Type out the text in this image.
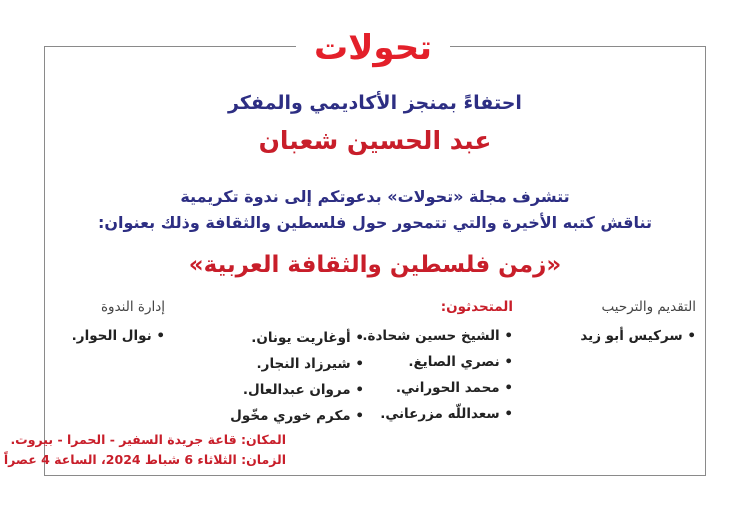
تحولات
احتفاءً بمنجز الأكاديمي والمفكر
عبد الحسين شعبان
تتشرف مجلة «تحولات» بدعوتكم إلى ندوة تكريمية
تناقش كتبه الأخيرة والتي تتمحور حول فلسطين والثقافة وذلك بعنوان:
«زمن فلسطين والثقافة العربية»
التقديم والترحيب
• سركيس أبو زيد
المتحدثون:
• الشيخ حسين شحادة.
• نصري الصايغ.
• محمد الحوراني.
• سعداللّه مزرعاني.
• أوغاريت يونان.
• شيرزاد النجار.
• مروان عبدالعال.
• مكرم خوري مخّول
إدارة الندوة
• نوال الحوار.
المكان: قاعة جريدة السفير - الحمرا - بيروت.
الزمان: الثلاثاء 6 شباط 2024، الساعة 4 عصراً
